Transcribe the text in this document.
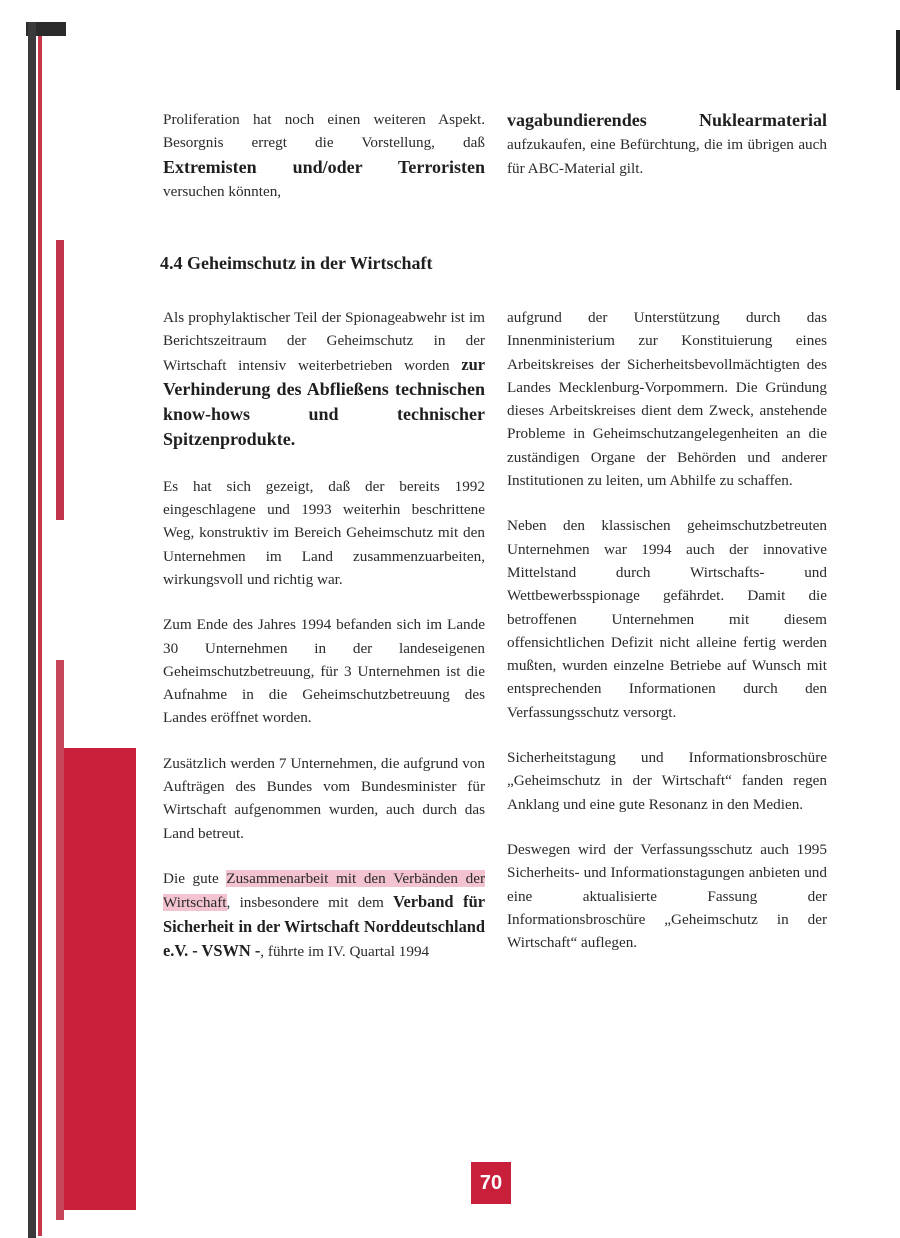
Proliferation hat noch einen weiteren Aspekt. Besorgnis erregt die Vorstellung, daß Extremisten und/oder Terroristen versuchen könnten,

vagabundierendes Nuklearmaterial aufzukaufen, eine Befürchtung, die im übrigen auch für ABC-Material gilt.

4.4 Geheimschutz in der Wirtschaft

Als prophylaktischer Teil der Spionageabwehr ist im Berichtszeitraum der Geheimschutz in der Wirtschaft intensiv weiterbetrieben worden zur Verhinderung des Abfließens technischen know-hows und technischer Spitzenprodukte.

Es hat sich gezeigt, daß der bereits 1992 eingeschlagene und 1993 weiterhin beschrittene Weg, konstruktiv im Bereich Geheimschutz mit den Unternehmen im Land zusammenzuarbeiten, wirkungsvoll und richtig war.

Zum Ende des Jahres 1994 befanden sich im Lande 30 Unternehmen in der landeseigenen Geheimschutzbetreuung, für 3 Unternehmen ist die Aufnahme in die Geheimschutzbetreuung des Landes eröffnet worden.

Zusätzlich werden 7 Unternehmen, die aufgrund von Aufträgen des Bundes vom Bundesminister für Wirtschaft aufgenommen wurden, auch durch das Land betreut.

Die gute Zusammenarbeit mit den Verbänden der Wirtschaft, insbesondere mit dem Verband für Sicherheit in der Wirtschaft Norddeutschland e.V. - VSWN -, führte im IV. Quartal 1994

aufgrund der Unterstützung durch das Innenministerium zur Konstituierung eines Arbeitskreises der Sicherheitsbevollmächtigten des Landes Mecklenburg-Vorpommern. Die Gründung dieses Arbeitskreises dient dem Zweck, anstehende Probleme in Geheimschutzangelegenheiten an die zuständigen Organe der Behörden und anderer Institutionen zu leiten, um Abhilfe zu schaffen.

Neben den klassischen geheimschutzbetreuten Unternehmen war 1994 auch der innovative Mittelstand durch Wirtschafts- und Wettbewerbsspionage gefährdet. Damit die betroffenen Unternehmen mit diesem offensichtlichen Defizit nicht alleine fertig werden mußten, wurden einzelne Betriebe auf Wunsch mit entsprechenden Informationen durch den Verfassungsschutz versorgt.

Sicherheitstagung und Informationsbroschüre „Geheimschutz in der Wirtschaft“ fanden regen Anklang und eine gute Resonanz in den Medien.

Deswegen wird der Verfassungsschutz auch 1995 Sicherheits- und Informationstagungen anbieten und eine aktualisierte Fassung der Informationsbroschüre „Geheimschutz in der Wirtschaft“ auflegen.

70
